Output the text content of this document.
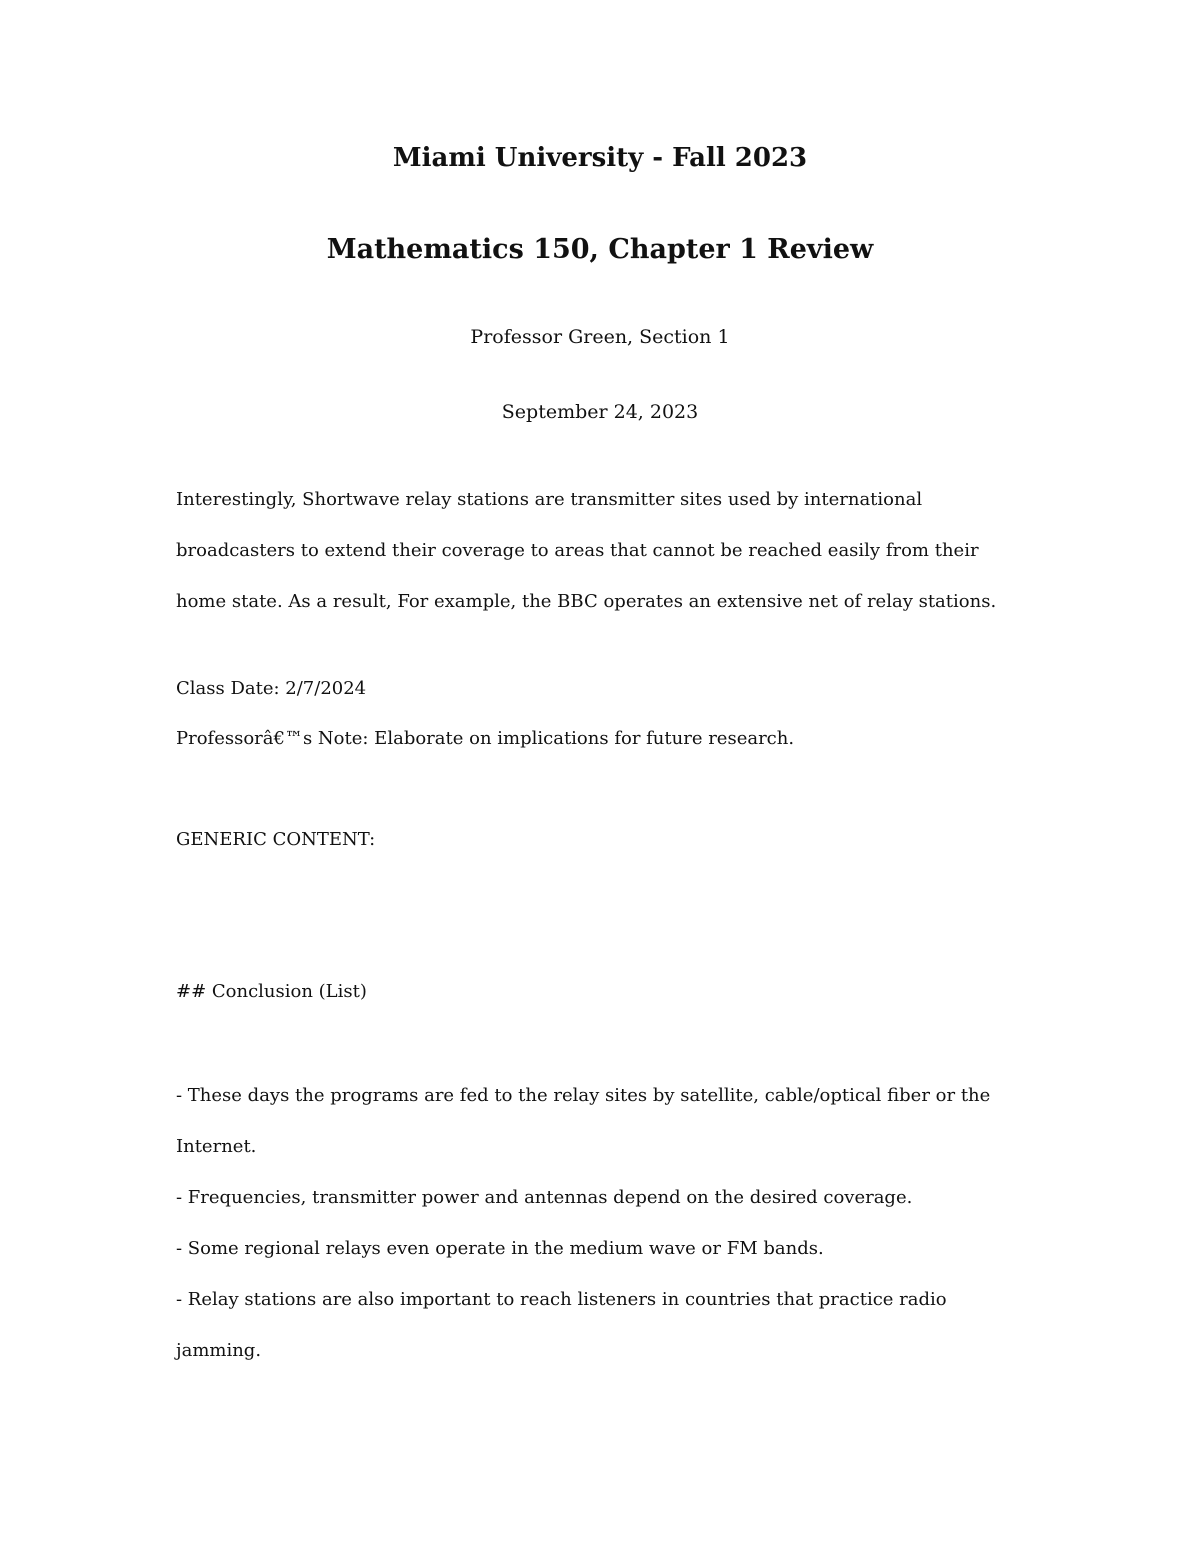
Miami University - Fall 2023
Mathematics 150, Chapter 1 Review

Professor Green, Section 1

September 24, 2023

Interestingly, Shortwave relay stations are transmitter sites used by international broadcasters to extend their coverage to areas that cannot be reached easily from their home state. As a result, For example, the BBC operates an extensive net of relay stations.

Class Date: 2/7/2024

Professorâ€™s Note: Elaborate on implications for future research.

GENERIC CONTENT:

## Conclusion (List)

- These days the programs are fed to the relay sites by satellite, cable/optical fiber or the Internet.
- Frequencies, transmitter power and antennas depend on the desired coverage.
- Some regional relays even operate in the medium wave or FM bands.
- Relay stations are also important to reach listeners in countries that practice radio jamming.
